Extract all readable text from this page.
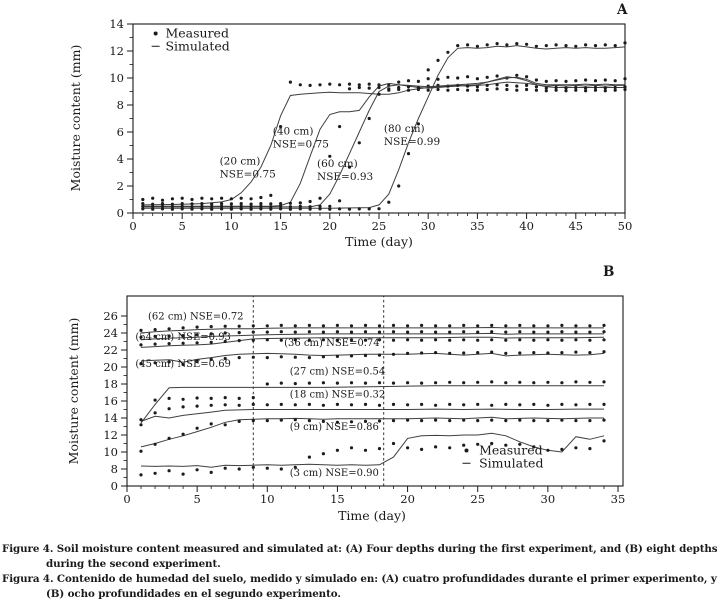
0	5	10	15	20	25	30	35	40	45	50
0
2
4
6
8
10
12
14
Time (day)
Moisture content (mm)
A
(20 cm)
NSE=0.75
(40 cm)
NSE=0.75
(60 cm)
NSE=0.93
(80 cm)
NSE=0.99
Measured
Simulated
0	5	10	15	20	25	30	35
0
8
10
12
14
16
18
20
22
24
26
Time (day)
Moisture content (mm)
B
(62 cm) NSE=0.72
(54 cm) NSE=0.93
(45 cm) NSE=0.69
(36 cm) NSE=0.74
(27 cm) NSE=0.54
(18 cm) NSE=0.32
(9 cm) NSE=0.86
(3 cm) NSE=0.90
Measured
Simulated
Figure 4. Soil moisture content measured and simulated at: (A) Four depths during the first experiment, and (B) eight depths
during the second experiment.
Figura 4. Contenido de humedad del suelo, medido y simulado en: (A) cuatro profundidades durante el primer experimento, y
(B) ocho profundidades en el segundo experimento.
